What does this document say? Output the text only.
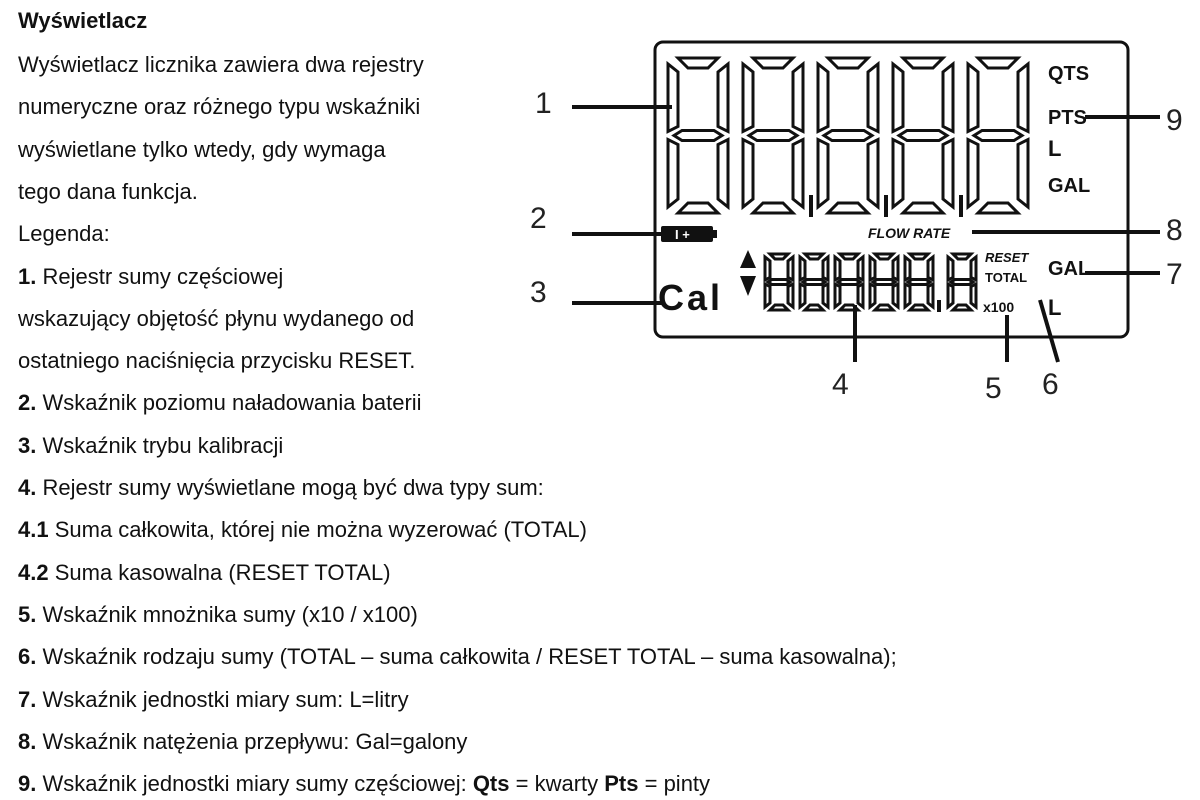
Wyświetlacz
Wyświetlacz licznika zawiera dwa rejestry
numeryczne oraz różnego typu wskaźniki
wyświetlane tylko wtedy, gdy wymaga
tego dana funkcja.
Legenda:
1. Rejestr sumy częściowej
wskazujący objętość płynu wydanego od
ostatniego naciśnięcia przycisku RESET.
2. Wskaźnik poziomu naładowania baterii
3. Wskaźnik trybu kalibracji
4. Rejestr sumy wyświetlane mogą być dwa typy sum:
4.1 Suma całkowita, której nie można wyzerować (TOTAL)
4.2 Suma kasowalna (RESET TOTAL)
5. Wskaźnik mnożnika sumy (x10 / x100)
6. Wskaźnik rodzaju sumy (TOTAL – suma całkowita / RESET TOTAL – suma kasowalna);
7. Wskaźnik jednostki miary sum: L=litry
8. Wskaźnik natężenia przepływu: Gal=galony
9. Wskaźnik jednostki miary sumy częściowej: Qts = kwarty Pts = pinty
QTS
PTS
L
GAL
I +	FLOW RATE
Cal
RESET
TOTAL
x100
GAL
L
1
2
3
4	5 6
7
8
9
